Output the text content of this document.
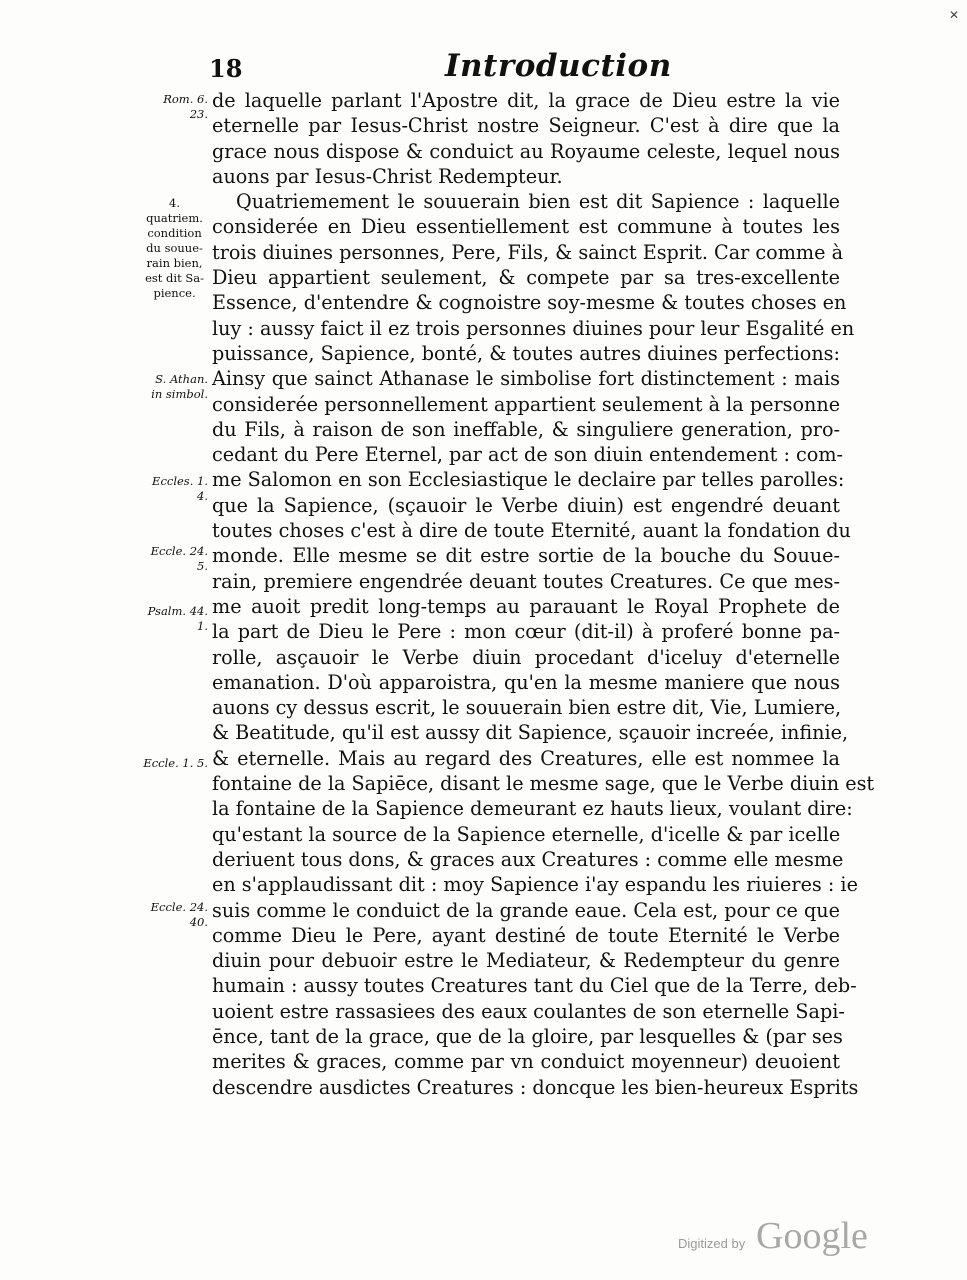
✕
18	Introduction
Rom. 6.
23.
4.
quatriem.
condition
du souue-
rain bien,
est dit Sa-
pience.
S. Athan.
in simbol.
Eccles. 1.
4.
Eccle. 24.
5.
Psalm. 44.
1.
Eccle. 1. 5.
Eccle. 24.
40.
de laquelle parlant l'Apostre dit, la grace de Dieu estre la vie
eternelle par Iesus-Christ nostre Seigneur. C'est à dire que la
grace nous dispose & conduict au Royaume celeste, lequel nous
auons par Iesus-Christ Redempteur.
Quatriemement le souuerain bien est dit Sapience : laquelle
considerée en Dieu essentiellement est commune à toutes les
trois diuines personnes, Pere, Fils, & sainct Esprit. Car comme à
Dieu appartient seulement, & compete par sa tres-excellente
Essence, d'entendre & cognoistre soy-mesme & toutes choses en
luy : aussy faict il ez trois personnes diuines pour leur Esgalité en
puissance, Sapience, bonté, & toutes autres diuines perfections:
Ainsy que sainct Athanase le simbolise fort distinctement : mais
considerée personnellement appartient seulement à la personne
du Fils, à raison de son ineffable, & singuliere generation, pro-
cedant du Pere Eternel, par act de son diuin entendement : com-
me Salomon en son Ecclesiastique le declaire par telles parolles:
que la Sapience, (sçauoir le Verbe diuin) est engendré deuant
toutes choses c'est à dire de toute Eternité, auant la fondation du
monde. Elle mesme se dit estre sortie de la bouche du Souue-
rain, premiere engendrée deuant toutes Creatures. Ce que mes-
me auoit predit long-temps au parauant le Royal Prophete de
la part de Dieu le Pere : mon cœur (dit-il) à proferé bonne pa-
rolle, asçauoir le Verbe diuin procedant d'iceluy d'eternelle
emanation. D'où apparoistra, qu'en la mesme maniere que nous
auons cy dessus escrit, le souuerain bien estre dit, Vie, Lumiere,
& Beatitude, qu'il est aussy dit Sapience, sçauoir increée, infinie,
& eternelle. Mais au regard des Creatures, elle est nommee la
fontaine de la Sapiēce, disant le mesme sage, que le Verbe diuin est
la fontaine de la Sapience demeurant ez hauts lieux, voulant dire:
qu'estant la source de la Sapience eternelle, d'icelle & par icelle
deriuent tous dons, & graces aux Creatures : comme elle mesme
en s'applaudissant dit : moy Sapience i'ay espandu les riuieres : ie
suis comme le conduict de la grande eaue. Cela est, pour ce que
comme Dieu le Pere, ayant destiné de toute Eternité le Verbe
diuin pour debuoir estre le Mediateur, & Redempteur du genre
humain : aussy toutes Creatures tant du Ciel que de la Terre, deb-
uoient estre rassasiees des eaux coulantes de son eternelle Sapi-
ēnce, tant de la grace, que de la gloire, par lesquelles & (par ses
merites & graces, comme par vn conduict moyenneur) deuoient
descendre ausdictes Creatures : doncque les bien-heureux Esprits
Digitized by Google
